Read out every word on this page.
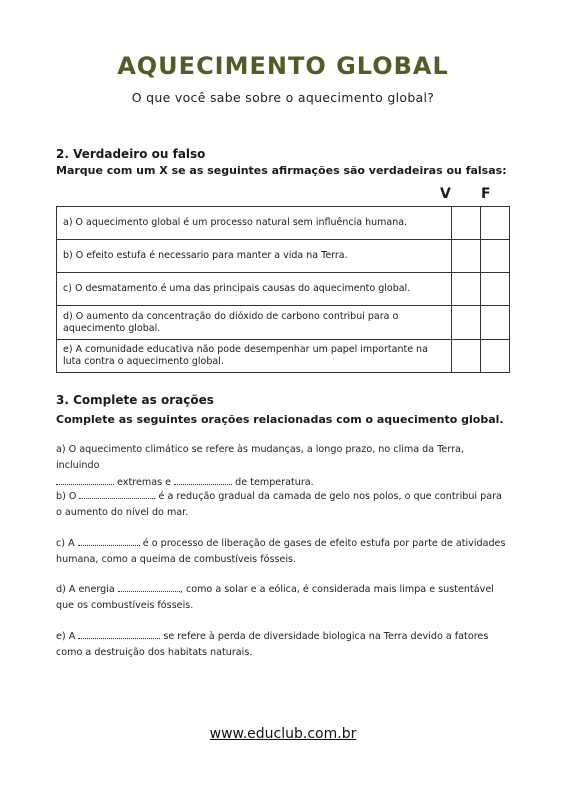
AQUECIMENTO GLOBAL
O que você sabe sobre o aquecimento global?
2. Verdadeiro ou falso
Marque com um X se as seguintes afirmações são verdadeiras ou falsas:
V F
a) O aquecimento global é um processo natural sem influência humana.		
b) O efeito estufa é necessario para manter a vida na Terra.		
c) O desmatamento é uma das principais causas do aquecimento global.		
d) O aumento da concentração do dióxido de carbono contribui para o aquecimento global.		
e) A comunidade educativa não pode desempenhar um papel importante na luta contra o aquecimento global.		
3. Complete as orações
Complete as seguintes orações relacionadas com o aquecimento global.
a) O aquecimento climático se refere às mudanças, a longo prazo, no clima da Terra, incluindo
extremas e	de temperatura.
b) O	é a redução gradual da camada de gelo nos polos, o que contribui para o aumento do nível do mar.
c) A	é o processo de liberação de gases de efeito estufa por parte de atividades humana, como a queima de combustíveis fósseis.
d) A energia	, como a solar e a eólica, é considerada mais limpa e sustentável que os combustíveis fósseis.
e) A	se refere à perda de diversidade biologica na Terra devido a fatores como a destruição dos habitats naturais.
www.educlub.com.br
